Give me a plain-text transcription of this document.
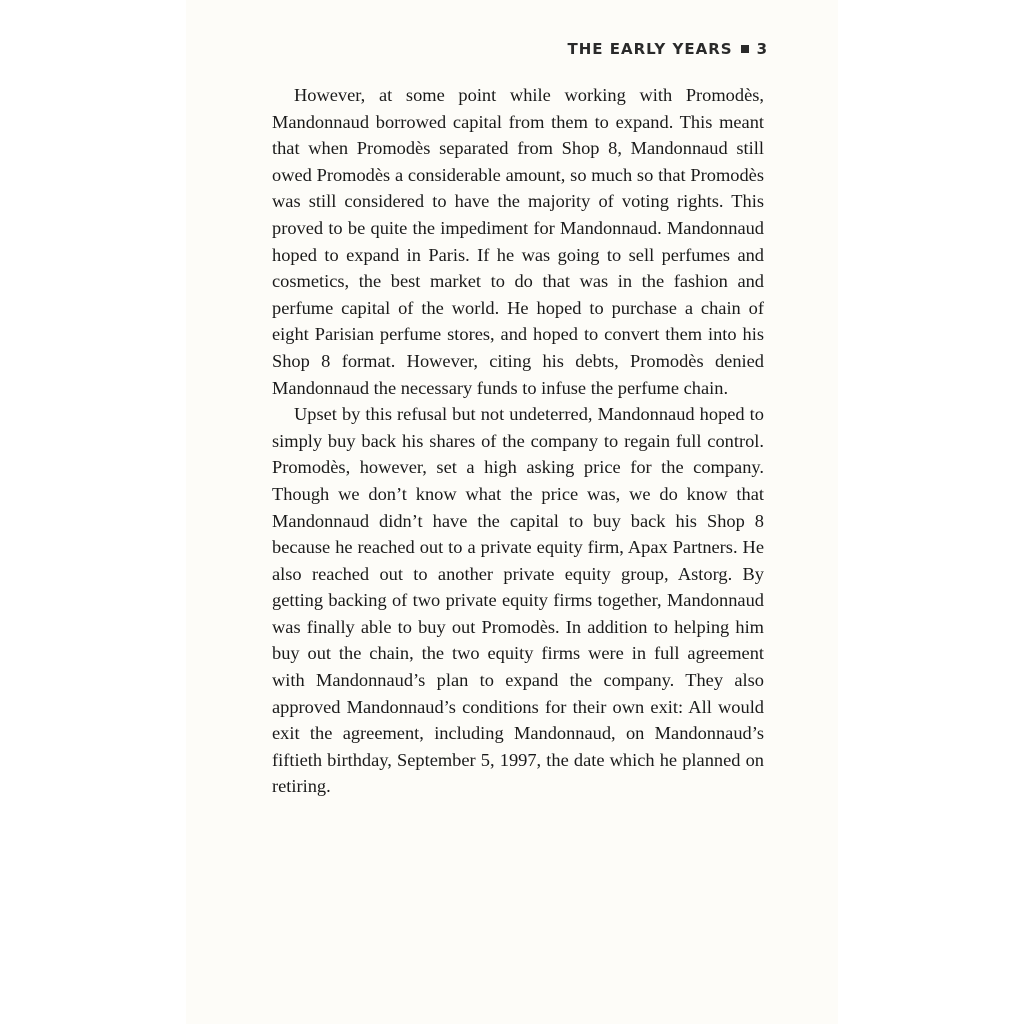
THE EARLY YEARS 3

However, at some point while working with Promodès, Mandonnaud borrowed capital from them to expand. This meant that when Promodès separated from Shop 8, Mandonnaud still owed Promodès a considerable amount, so much so that Promodès was still considered to have the majority of voting rights. This proved to be quite the impediment for Mandonnaud. Mandonnaud hoped to expand in Paris. If he was going to sell perfumes and cosmetics, the best market to do that was in the fashion and perfume capital of the world. He hoped to purchase a chain of eight Parisian perfume stores, and hoped to convert them into his Shop 8 format. However, citing his debts, Promodès denied Mandonnaud the necessary funds to infuse the perfume chain.

Upset by this refusal but not undeterred, Mandonnaud hoped to simply buy back his shares of the company to regain full control. Promodès, however, set a high asking price for the company. Though we don’t know what the price was, we do know that Mandonnaud didn’t have the capital to buy back his Shop 8 because he reached out to a private equity firm, Apax Partners. He also reached out to another private equity group, Astorg. By getting backing of two private equity firms together, Mandonnaud was finally able to buy out Promodès. In addition to helping him buy out the chain, the two equity firms were in full agreement with Mandonnaud’s plan to expand the company. They also approved Mandonnaud’s conditions for their own exit: All would exit the agreement, including Mandonnaud, on Mandonnaud’s fiftieth birthday, September 5, 1997, the date which he planned on retiring.
